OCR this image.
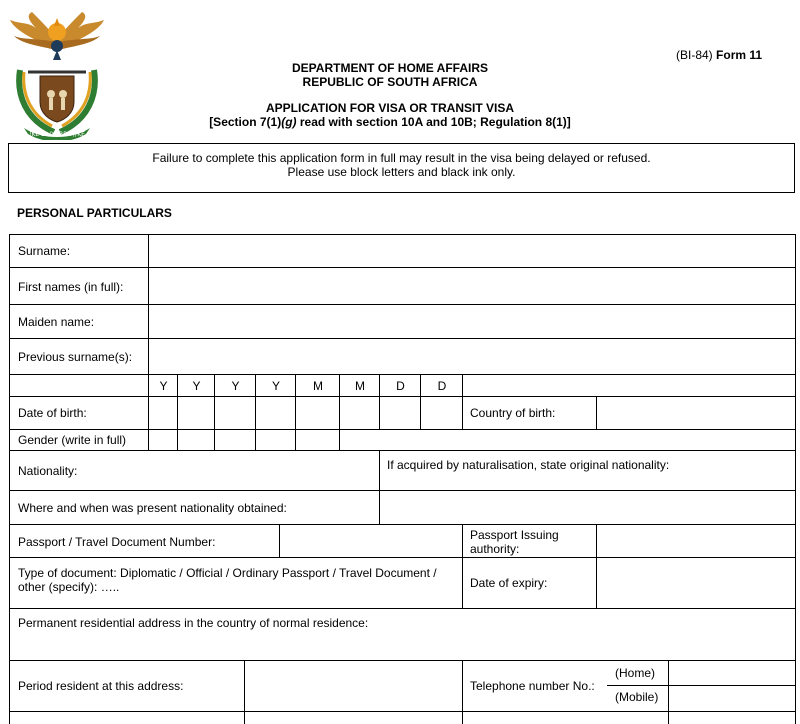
!KE E: /XARRA //KE
(BI-84) Form 11
DEPARTMENT OF HOME AFFAIRS
REPUBLIC OF SOUTH AFRICA
APPLICATION FOR VISA OR TRANSIT VISA
[Section 7(1)(g) read with section 10A and 10B; Regulation 8(1)]
Failure to complete this application form in full may result in the visa being delayed or refused.
Please use block letters and black ink only.
PERSONAL PARTICULARS
Surname:
First names (in full):
Maiden name:
Previous surname(s):
Y	Y	Y	Y	M	M	D	D
Date of birth:	Country of birth:
Gender (write in full)
Nationality:	If acquired by naturalisation, state original nationality:
Where and when was present nationality obtained:
Passport / Travel Document Number:	Passport Issuing
authority:
Type of document: Diplomatic / Official / Ordinary Passport / Travel Document /
other (specify): …..	Date of expiry:
Permanent residential address in the country of normal residence:
Period resident at this address:	Telephone number No.:
(Home)
(Mobile)
